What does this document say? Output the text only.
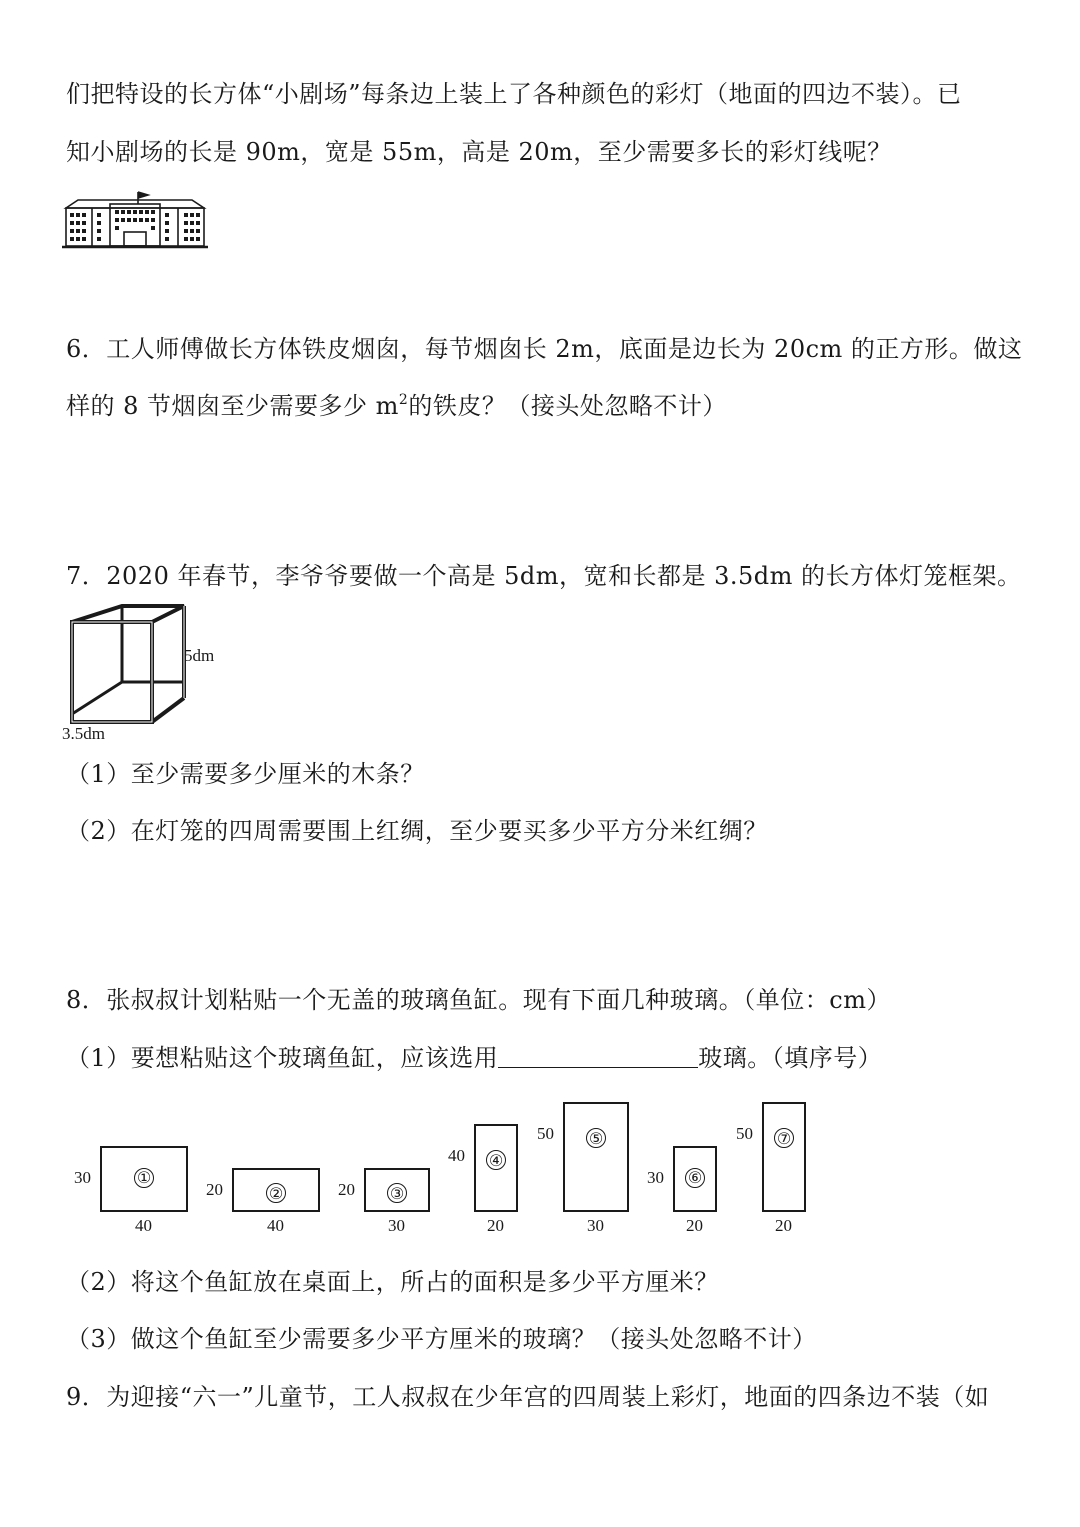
们把特设的长方体“小剧场”每条边上装上了各种颜色的彩灯（地面的四边不装）。已
知小剧场的长是 90m，宽是 55m，高是 20m，至少需要多长的彩灯线呢？
6．工人师傅做长方体铁皮烟囱，每节烟囱长 2m，底面是边长为 20cm 的正方形。做这
样的 8 节烟囱至少需要多少 $m^2$的铁皮？（接头处忽略不计）
7．2020 年春节，李爷爷要做一个高是 5dm，宽和长都是 3.5dm 的长方体灯笼框架。
5dm
3.5dm
（1）至少需要多少厘米的木条？
（2）在灯笼的四周需要围上红绸，至少要买多少平方分米红绸？
8．张叔叔计划粘贴一个无盖的玻璃鱼缸。现有下面几种玻璃。（单位：cm）
（1）要想粘贴这个玻璃鱼缸，应该选用	玻璃。（填序号）
（2）将这个鱼缸放在桌面上，所占的面积是多少平方厘米？
（3）做这个鱼缸至少需要多少平方厘米的玻璃？（接头处忽略不计）
9．为迎接“六一”儿童节，工人叔叔在少年宫的四周装上彩灯，地面的四条边不装（如
①
30
40
②
20
40
③
20
30
④
40
20
⑤
50
30
⑥
30
20
⑦
50
20
